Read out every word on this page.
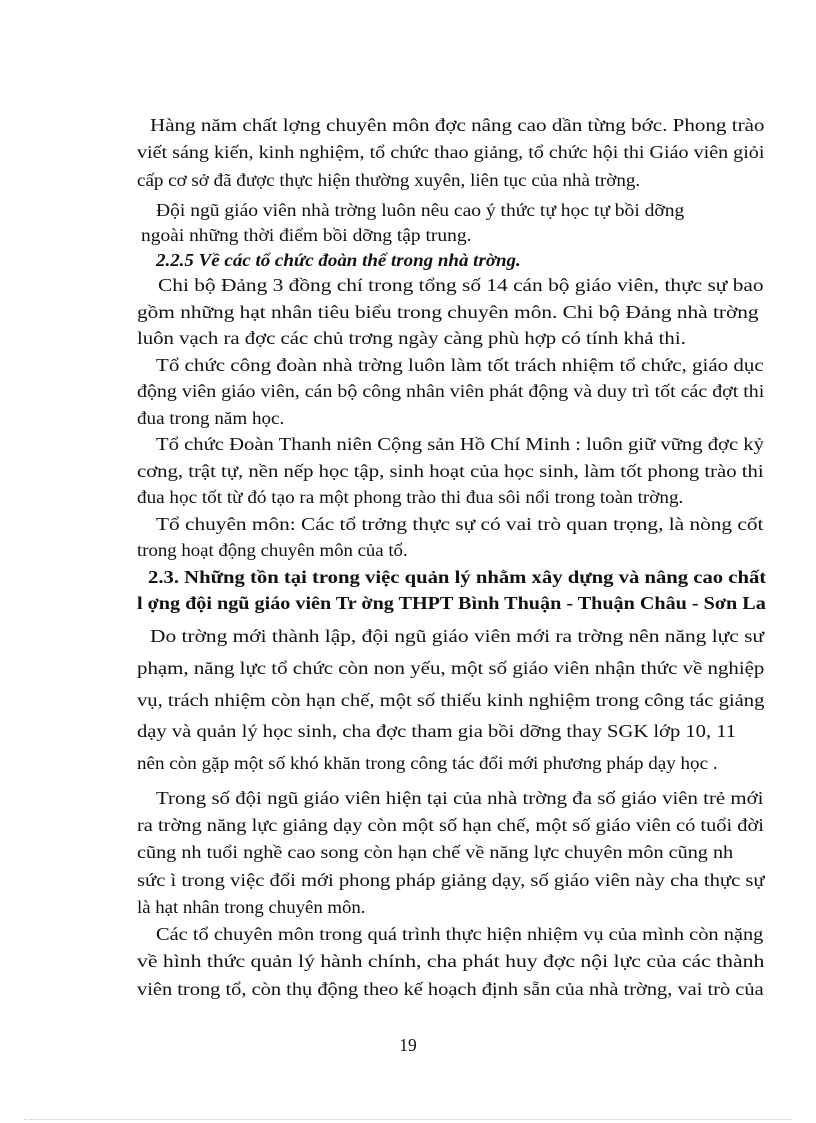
Hàng năm chất lợng chuyên môn đợc nâng cao dần từng bớc. Phong trào
viết sáng kiến, kinh nghiệm, tổ chức thao giảng, tổ chức hội thi Giáo viên giỏi
cấp cơ sở đã được thực hiện thường xuyên, liên tục của nhà trờng.
Đội ngũ giáo viên nhà trờng luôn nêu cao ý thức tự học tự bồi dỡng
ngoài những thời điểm bồi dỡng tập trung.
2.2.5 Về các tổ chức đoàn thể trong nhà trờng.
Chi bộ Đảng 3 đồng chí trong tổng số 14 cán bộ giáo viên, thực sự bao
gồm những hạt nhân tiêu biểu trong chuyên môn. Chi bộ Đảng nhà trờng
luôn vạch ra đợc các chủ trơng ngày càng phù hợp có tính khả thi.
Tổ chức công đoàn nhà trờng luôn làm tốt trách nhiệm tổ chức, giáo dục
động viên giáo viên, cán bộ công nhân viên phát động và duy trì tốt các đợt thi
đua trong năm học.
Tổ chức Đoàn Thanh niên Cộng sản Hồ Chí Minh : luôn giữ vững đợc kỷ
cơng, trật tự, nền nếp học tập, sinh hoạt của học sinh, làm tốt phong trào thi
đua học tốt từ đó tạo ra một phong trào thi đua sôi nổi trong toàn trờng.
Tổ chuyên môn: Các tổ trởng thực sự có vai trò quan trọng, là nòng cốt
trong hoạt động chuyên môn của tổ.
2.3. Những tồn tại trong việc quản lý nhằm xây dựng và nâng cao chất
l ợng đội ngũ giáo viên Tr ờng THPT Bình Thuận - Thuận Châu - Sơn La
Do trờng mới thành lập, đội ngũ giáo viên mới ra trờng nên năng lực sư
phạm, năng lực tổ chức còn non yếu, một số giáo viên nhận thức về nghiệp
vụ, trách nhiệm còn hạn chế, một số thiếu kinh nghiệm trong công tác giảng
dạy và quản lý học sinh, cha đợc tham gia bồi dỡng thay SGK lớp 10, 11
nên còn gặp một số khó khăn trong công tác đổi mới phương pháp dạy học .
Trong số đội ngũ giáo viên hiện tại của nhà trờng đa số giáo viên trẻ mới
ra trờng năng lực giảng dạy còn một số hạn chế, một số giáo viên có tuổi đời
cũng nh tuổi nghề cao song còn hạn chế về năng lực chuyên môn cũng nh
sức ì trong việc đổi mới phong pháp giảng dạy, số giáo viên này cha thực sự
là hạt nhân trong chuyên môn.
Các tổ chuyên môn trong quá trình thực hiện nhiệm vụ của mình còn nặng
về hình thức quản lý hành chính, cha phát huy đợc nội lực của các thành
viên trong tổ, còn thụ động theo kế hoạch định sẵn của nhà trờng, vai trò của
19
